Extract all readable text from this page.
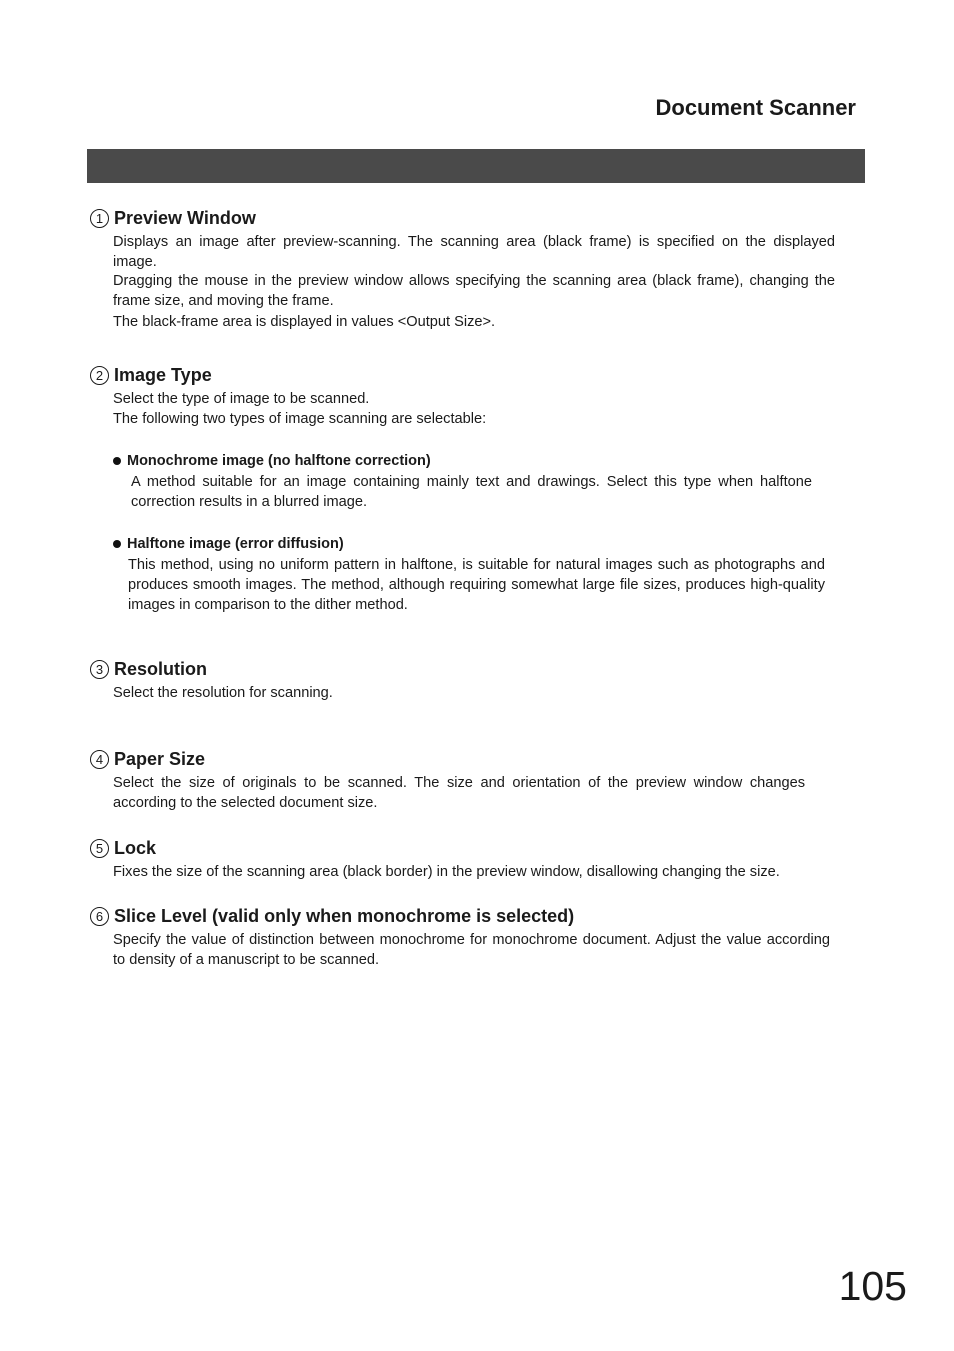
Document Scanner
1 Preview Window

Displays an image after preview-scanning. The scanning area (black frame) is specified on the displayed image.

Dragging the mouse in the preview window allows specifying the scanning area (black frame), changing the frame size, and moving the frame.

The black-frame area is displayed in values <Output Size>.

2 Image Type

Select the type of image to be scanned.

The following two types of image scanning are selectable:

Monochrome image (no halftone correction)
A method suitable for an image containing mainly text and drawings. Select this type when halftone correction results in a blurred image.
Halftone image (error diffusion)
This method, using no uniform pattern in halftone, is suitable for natural images such as photographs and produces smooth images. The method, although requiring somewhat large file sizes, produces high-quality images in comparison to the dither method.
3 Resolution

Select the resolution for scanning.

4 Paper Size

Select the size of originals to be scanned. The size and orientation of the preview window changes according to the selected document size.

5 Lock

Fixes the size of the scanning area (black border) in the preview window, disallowing changing the size.

6 Slice Level (valid only when monochrome is selected)

Specify the value of distinction between monochrome for monochrome document. Adjust the value according to density of a manuscript to be scanned.

105
